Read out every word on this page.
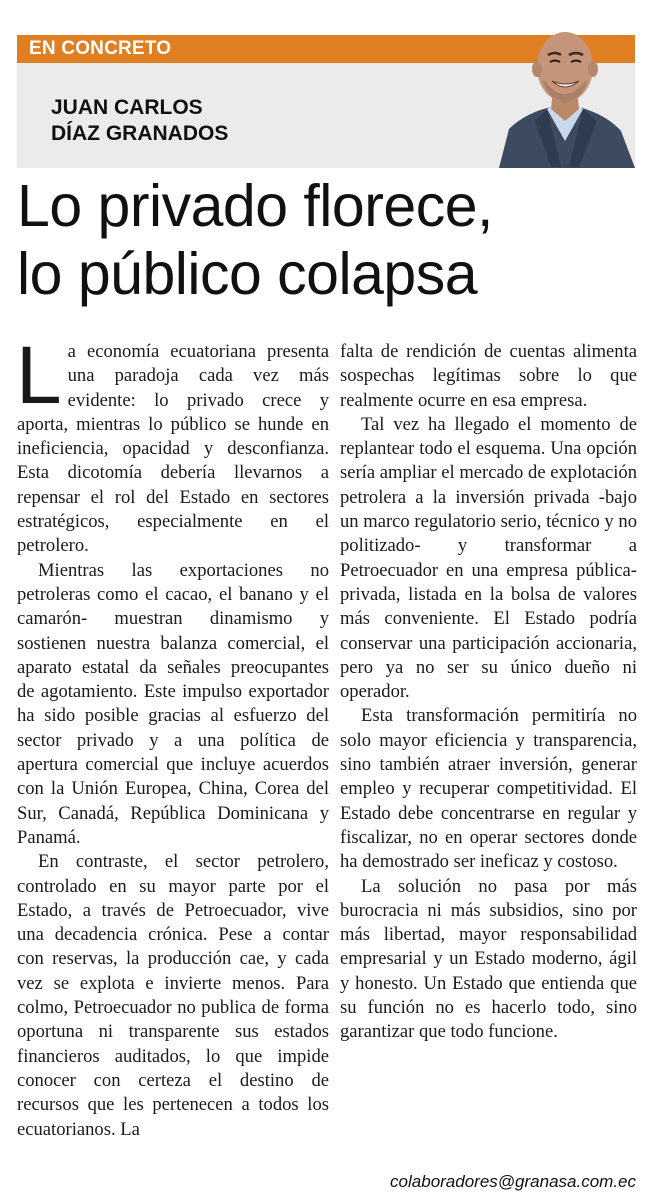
EN CONCRETO
JUAN CARLOS
DÍAZ GRANADOS
Lo privado florece,
lo público colapsa

La economía ecuatoriana presenta una paradoja cada vez más evidente: lo privado crece y aporta, mientras lo público se hunde en ineficiencia, opacidad y desconfianza. Esta dicotomía debería llevarnos a repensar el rol del Estado en sectores estratégicos, especialmente en el petrolero.

Mientras las exportaciones no petroleras como el cacao, el banano y el camarón- muestran dinamismo y sostienen nuestra balanza comercial, el aparato estatal da señales preocupantes de agotamiento. Este impulso exportador ha sido posible gracias al esfuerzo del sector privado y a una política de apertura comercial que incluye acuerdos con la Unión Europea, China, Corea del Sur, Canadá, República Dominicana y Panamá.

En contraste, el sector petrolero, controlado en su mayor parte por el Estado, a través de Petroecuador, vive una decadencia crónica. Pese a contar con reservas, la producción cae, y cada vez se explota e invierte menos. Para colmo, Petroecuador no publica de forma oportuna ni transparente sus estados financieros auditados, lo que impide conocer con certeza el destino de recursos que les pertenecen a todos los ecuatorianos. La

falta de rendición de cuentas alimenta sospechas legítimas sobre lo que realmente ocurre en esa empresa.

Tal vez ha llegado el momento de replantear todo el esquema. Una opción sería ampliar el mercado de explotación petrolera a la inversión privada -bajo un marco regulatorio serio, técnico y no politizado- y transformar a Petroecuador en una empresa pública-privada, listada en la bolsa de valores más conveniente. El Estado podría conservar una participación accionaria, pero ya no ser su único dueño ni operador.

Esta transformación permitiría no solo mayor eficiencia y transparencia, sino también atraer inversión, generar empleo y recuperar competitividad. El Estado debe concentrarse en regular y fiscalizar, no en operar sectores donde ha demostrado ser ineficaz y costoso.

La solución no pasa por más burocracia ni más subsidios, sino por más libertad, mayor responsabilidad empresarial y un Estado moderno, ágil y honesto. Un Estado que entienda que su función no es hacerlo todo, sino garantizar que todo funcione.

colaboradores@granasa.com.ec
